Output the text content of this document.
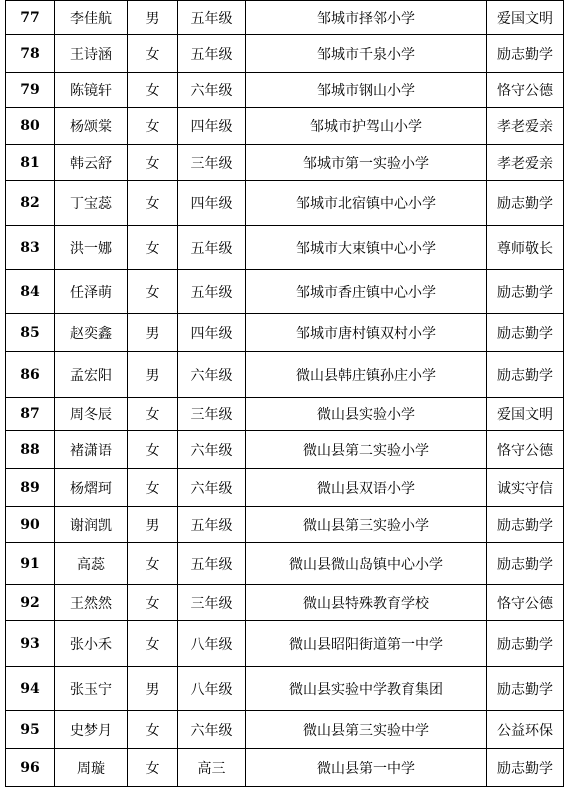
77	李佳航	男	五年级	邹城市择邻小学	爱国文明
78	王诗涵	女	五年级	邹城市千泉小学	励志勤学
79	陈镜轩	女	六年级	邹城市钢山小学	恪守公德
80	杨颂棠	女	四年级	邹城市护驾山小学	孝老爱亲
81	韩云舒	女	三年级	邹城市第一实验小学	孝老爱亲
82	丁宝蕊	女	四年级	邹城市北宿镇中心小学	励志勤学
83	洪一娜	女	五年级	邹城市大束镇中心小学	尊师敬长
84	任泽萌	女	五年级	邹城市香庄镇中心小学	励志勤学
85	赵奕鑫	男	四年级	邹城市唐村镇双村小学	励志勤学
86	孟宏阳	男	六年级	微山县韩庄镇孙庄小学	励志勤学
87	周冬辰	女	三年级	微山县实验小学	爱国文明
88	褚潇语	女	六年级	微山县第二实验小学	恪守公德
89	杨熠珂	女	六年级	微山县双语小学	诚实守信
90	谢润凯	男	五年级	微山县第三实验小学	励志勤学
91	高蕊	女	五年级	微山县微山岛镇中心小学	励志勤学
92	王然然	女	三年级	微山县特殊教育学校	恪守公德
93	张小禾	女	八年级	微山县昭阳街道第一中学	励志勤学
94	张玉宁	男	八年级	微山县实验中学教育集团	励志勤学
95	史梦月	女	六年级	微山县第三实验中学	公益环保
96	周璇	女	高三	微山县第一中学	励志勤学
